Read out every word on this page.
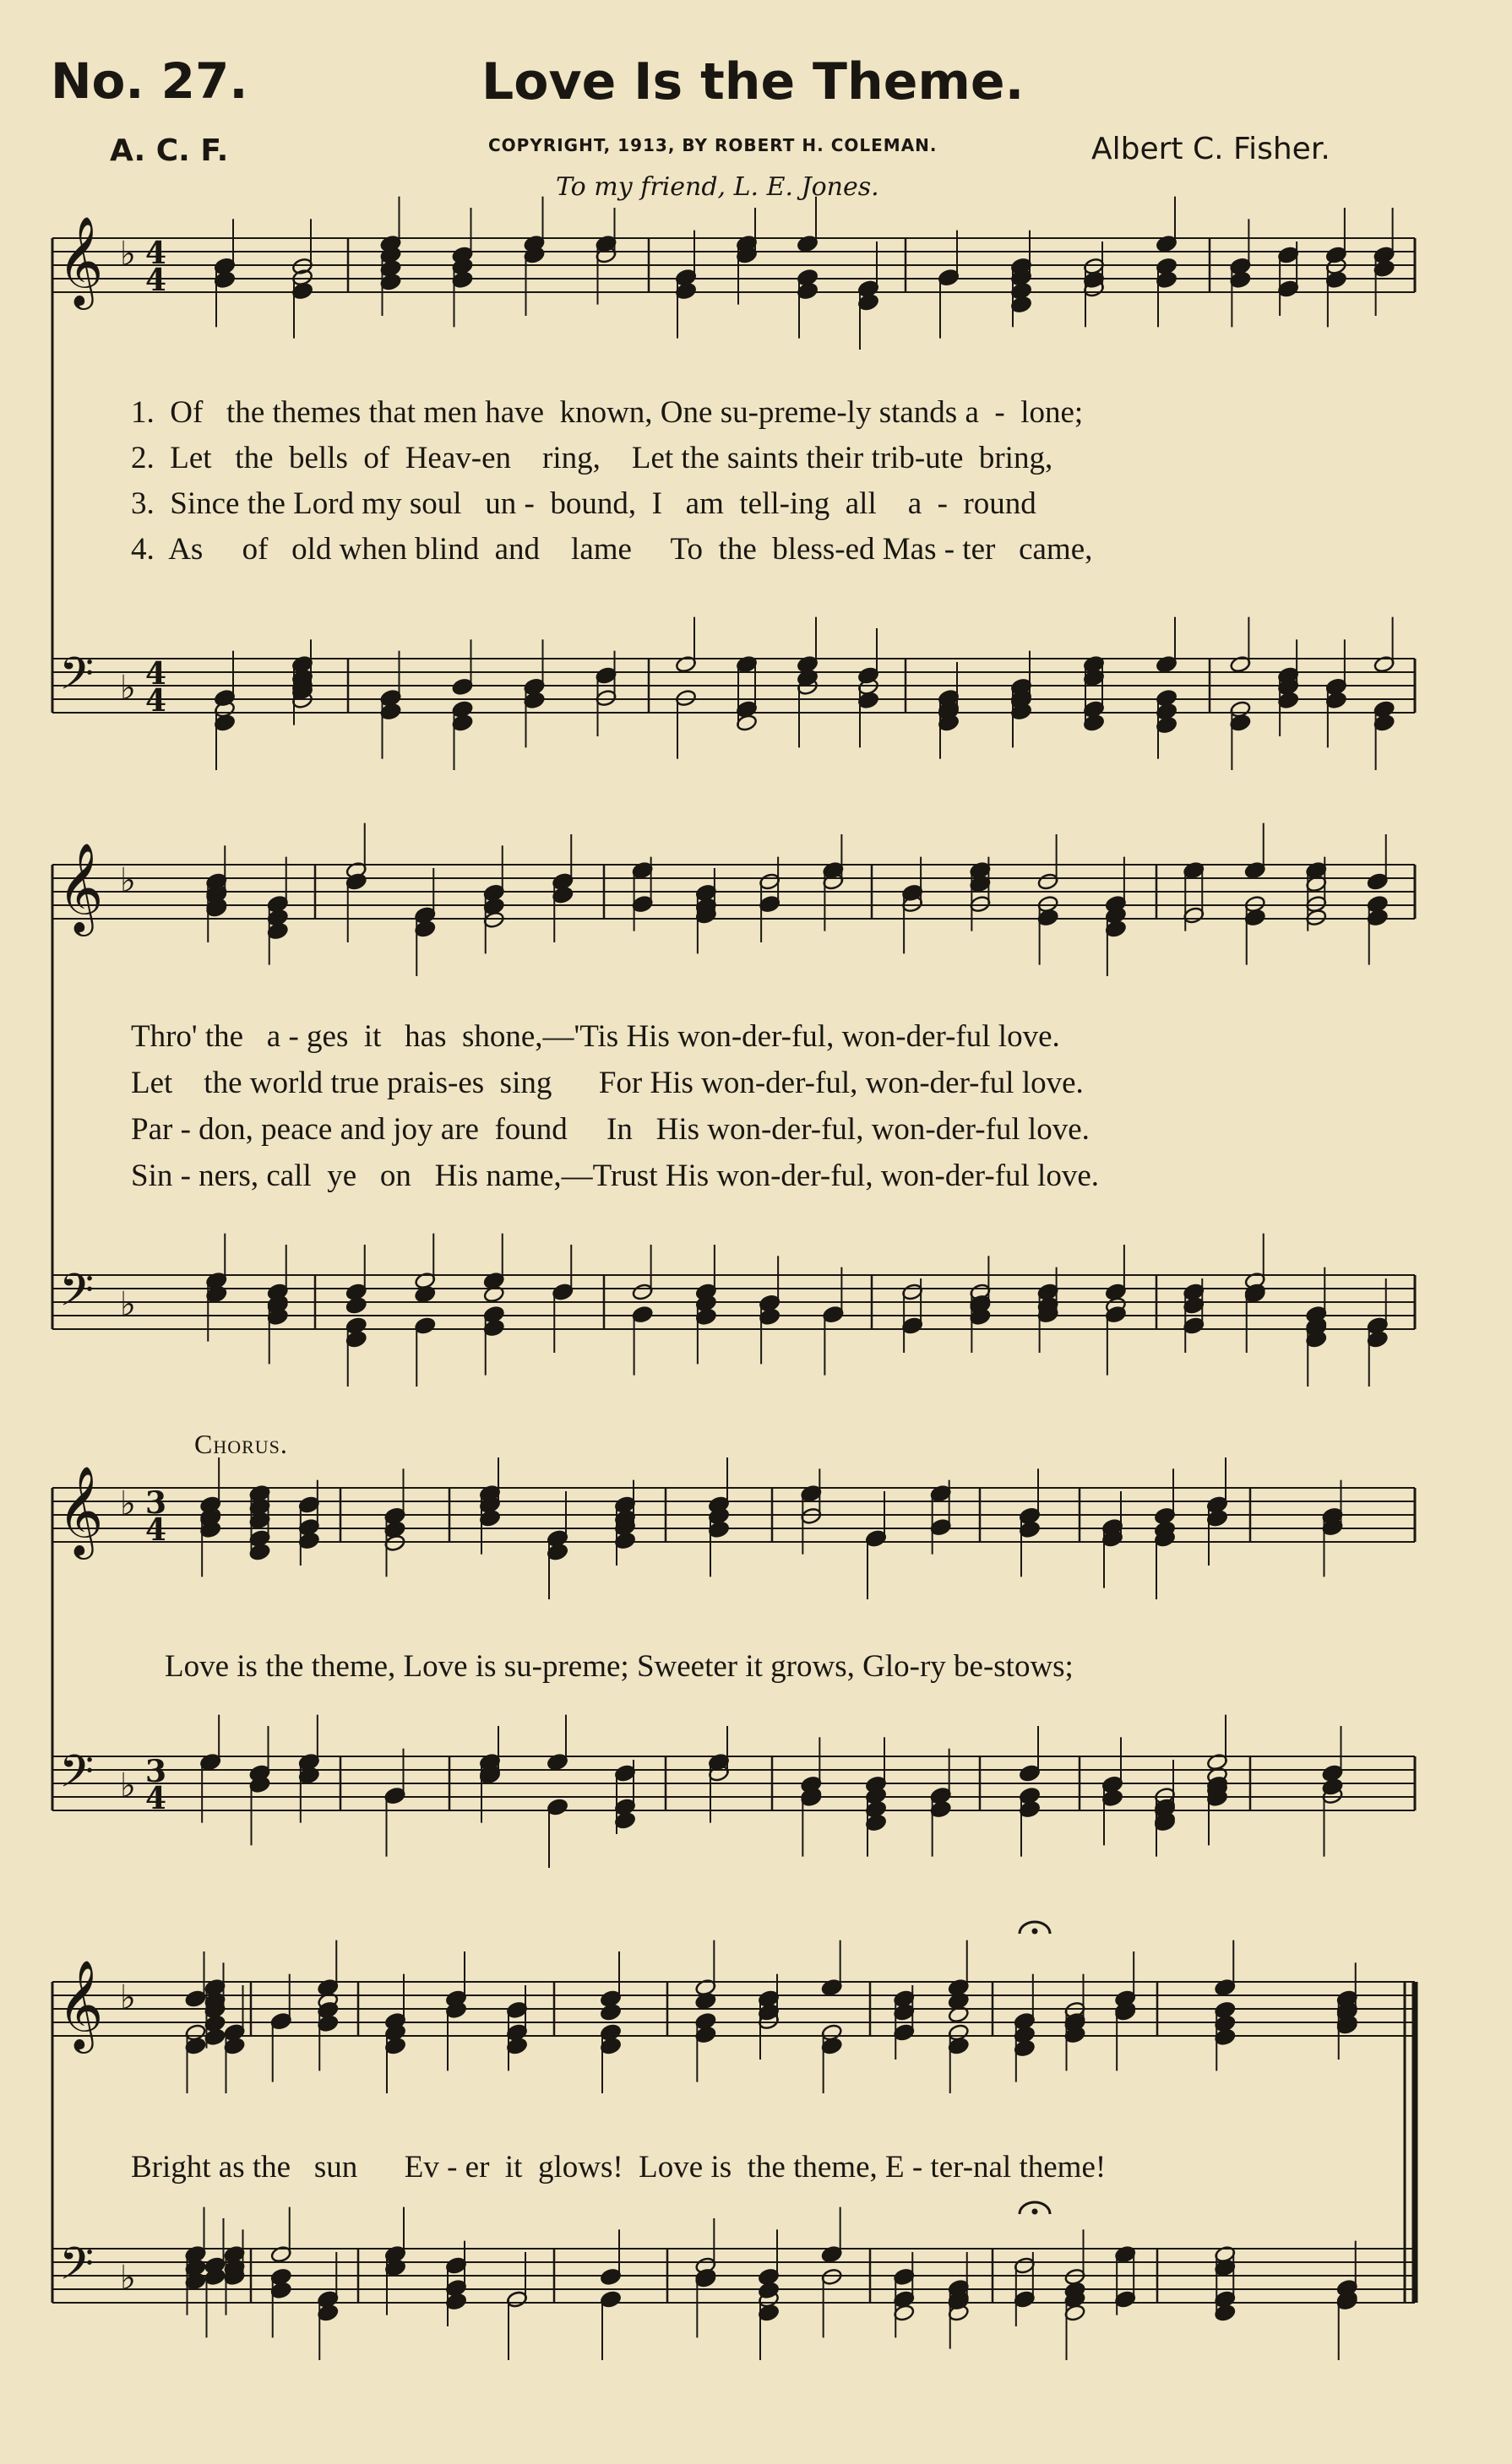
No. 27.	Love Is the Theme.
A. C. F.	COPYRIGHT, 1913, BY ROBERT H. COLEMAN.	Albert C. Fisher.
To my friend, L. E. Jones.
𝄞
𝄢
♭
♭
4
4
4
4
𝄞
𝄢
♭
♭
𝄞
𝄢
♭
♭
3
4
3
4
𝄞
𝄢
♭
♭
1.  Of   the themes that men have  known, One su-preme-ly stands a  -  lone;
2.  Let   the  bells  of  Heav-en    ring,    Let the saints their trib-ute  bring,
3.  Since the Lord my soul   un -  bound,  I   am  tell-ing  all    a  -  round
4.  As     of   old when blind  and    lame     To  the  bless-ed Mas - ter   came,
Thro' the   a - ges  it   has  shone,—'Tis His won-der-ful, won-der-ful love.
Let    the world true prais-es  sing      For His won-der-ful, won-der-ful love.
Par - don, peace and joy are  found     In   His won-der-ful, won-der-ful love.
Sin - ners, call  ye   on   His name,—Trust His won-der-ful, won-der-ful love.
Chorus.
Love is the theme, Love is su-preme; Sweeter it grows, Glo-ry be-stows;
Bright as the   sun      Ev - er  it  glows!  Love is  the theme, E - ter-nal theme!
